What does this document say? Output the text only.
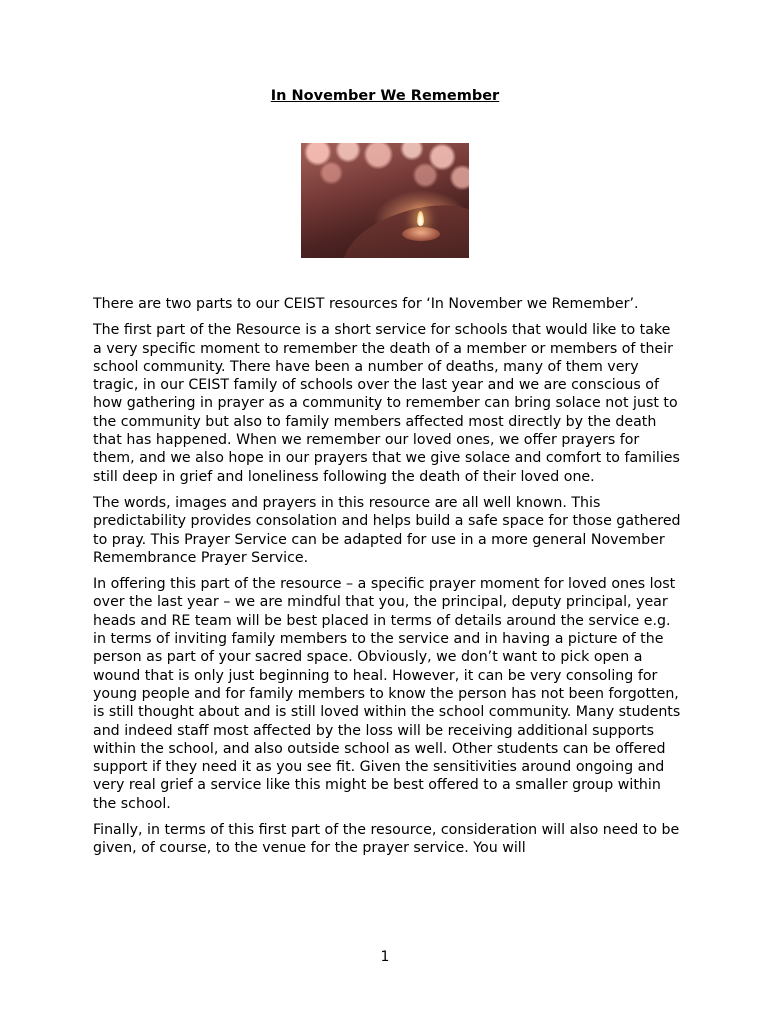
In November We Remember

There are two parts to our CEIST resources for ‘In November we Remember’.

The first part of the Resource is a short service for schools that would like to take a very specific moment to remember the death of a member or members of their school community. There have been a number of deaths, many of them very tragic, in our CEIST family of schools over the last year and we are conscious of how gathering in prayer as a community to remember can bring solace not just to the community but also to family members affected most directly by the death that has happened. When we remember our loved ones, we offer prayers for them, and we also hope in our prayers that we give solace and comfort to families still deep in grief and loneliness following the death of their loved one.

The words, images and prayers in this resource are all well known. This predictability provides consolation and helps build a safe space for those gathered to pray. This Prayer Service can be adapted for use in a more general November Remembrance Prayer Service.

In offering this part of the resource – a specific prayer moment for loved ones lost over the last year – we are mindful that you, the principal, deputy principal, year heads and RE team will be best placed in terms of details around the service e.g. in terms of inviting family members to the service and in having a picture of the person as part of your sacred space. Obviously, we don’t want to pick open a wound that is only just beginning to heal. However, it can be very consoling for young people and for family members to know the person has not been forgotten, is still thought about and is still loved within the school community. Many students and indeed staff most affected by the loss will be receiving additional supports within the school, and also outside school as well. Other students can be offered support if they need it as you see fit. Given the sensitivities around ongoing and very real grief a service like this might be best offered to a smaller group within the school.

Finally, in terms of this first part of the resource, consideration will also need to be given, of course, to the venue for the prayer service. You will

1
